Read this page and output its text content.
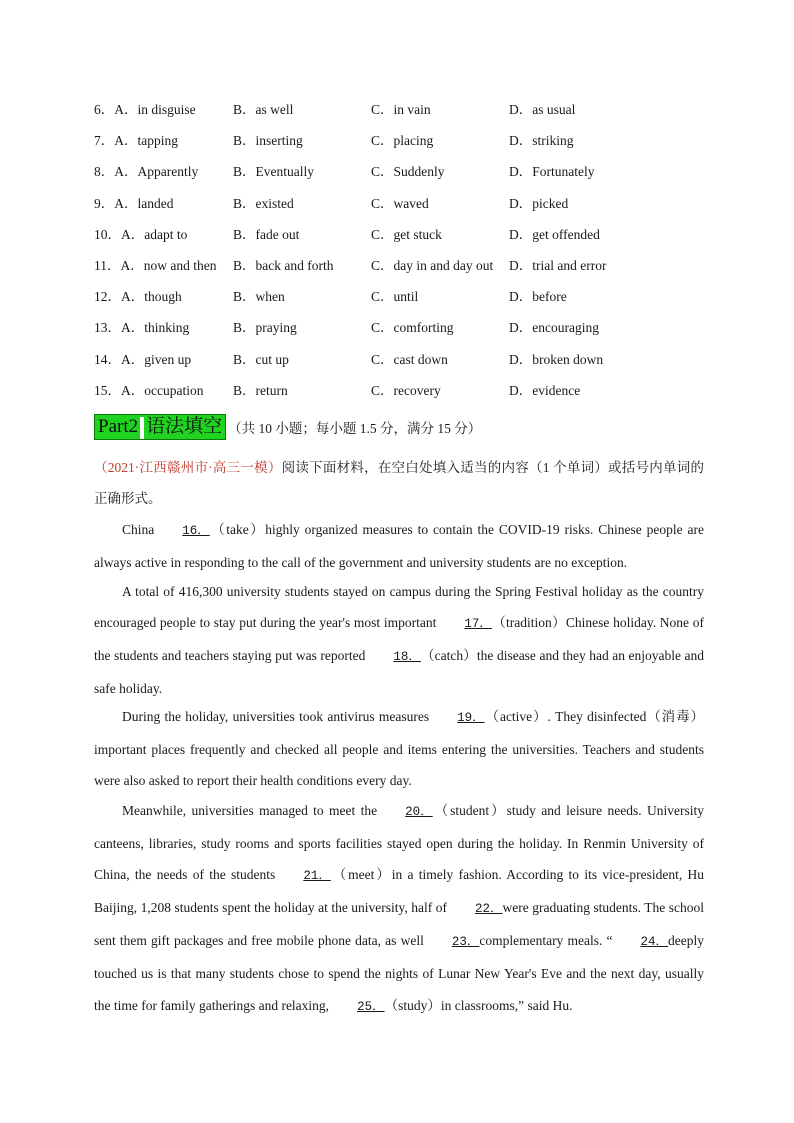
6．A．in disguise	B．as well	C．in vain	D．as usual
7．A．tapping	B．inserting	C．placing	D．striking
8．A．Apparently	B．Eventually	C．Suddenly	D．Fortunately
9．A．landed	B．existed	C．waved	D．picked
10．A．adapt to	B．fade out	C．get stuck	D．get offended
11．A．now and then B．back and forth	C．day in and day out D．trial and error
12．A．though	B．when	C．until	D．before
13．A．thinking	B．praying	C．comforting	D．encouraging
14．A．given up	B．cut up	C．cast down	D．broken down
15．A．occupation B．return	C．recovery	D．evidence
Part2 语法填空 （共 10 小题；每小题 1.5 分，满分 15 分）
（2021·江西赣州市·高三一模）阅读下面材料，在空白处填入适当的内容（1 个单词）或括号内单词的正确形式。
China 16．（take）highly organized measures to contain the COVID-19 risks. Chinese people are always active in responding to the call of the government and university students are no exception.
A total of 416,300 university students stayed on campus during the Spring Festival holiday as the country encouraged people to stay put during the year's most important 17．（tradition）Chinese holiday. None of the students and teachers staying put was reported 18．（catch）the disease and they had an enjoyable and safe holiday.
During the holiday, universities took antivirus measures 19．（active）. They disinfected（消毒）important places frequently and checked all people and items entering the universities. Teachers and students were also asked to report their health conditions every day.
Meanwhile, universities managed to meet the 20．（student）study and leisure needs. University canteens, libraries, study rooms and sports facilities stayed open during the holiday. In Renmin University of China, the needs of the students 21．（meet）in a timely fashion. According to its vice-president, Hu Baijing, 1,208 students spent the holiday at the university, half of 22．were graduating students. The school sent them gift packages and free mobile phone data, as well 23．complementary meals. “ 24．deeply touched us is that many students chose to spend the nights of Lunar New Year's Eve and the next day, usually the time for family gatherings and relaxing, 25．（study）in classrooms,” said Hu.
